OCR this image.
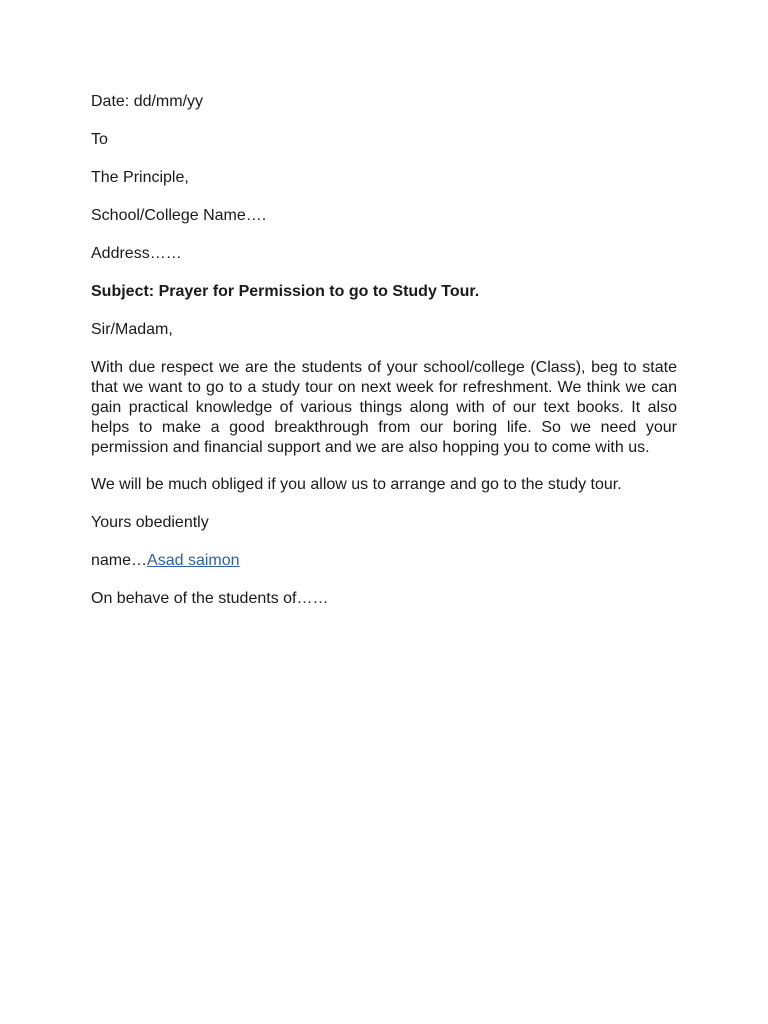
Date: dd/mm/yy
To
The Principle,
School/College Name….
Address……
Subject: Prayer for Permission to go to Study Tour.
Sir/Madam,
With due respect we are the students of your school/college (Class), beg to state that we want to go to a study tour on next week for refreshment. We think we can gain practical knowledge of various things along with of our text books. It also helps to make a good breakthrough from our boring life. So we need your permission and financial support and we are also hopping you to come with us.
We will be much obliged if you allow us to arrange and go to the study tour.
Yours obediently
name…Asad saimon
On behave of the students of……
